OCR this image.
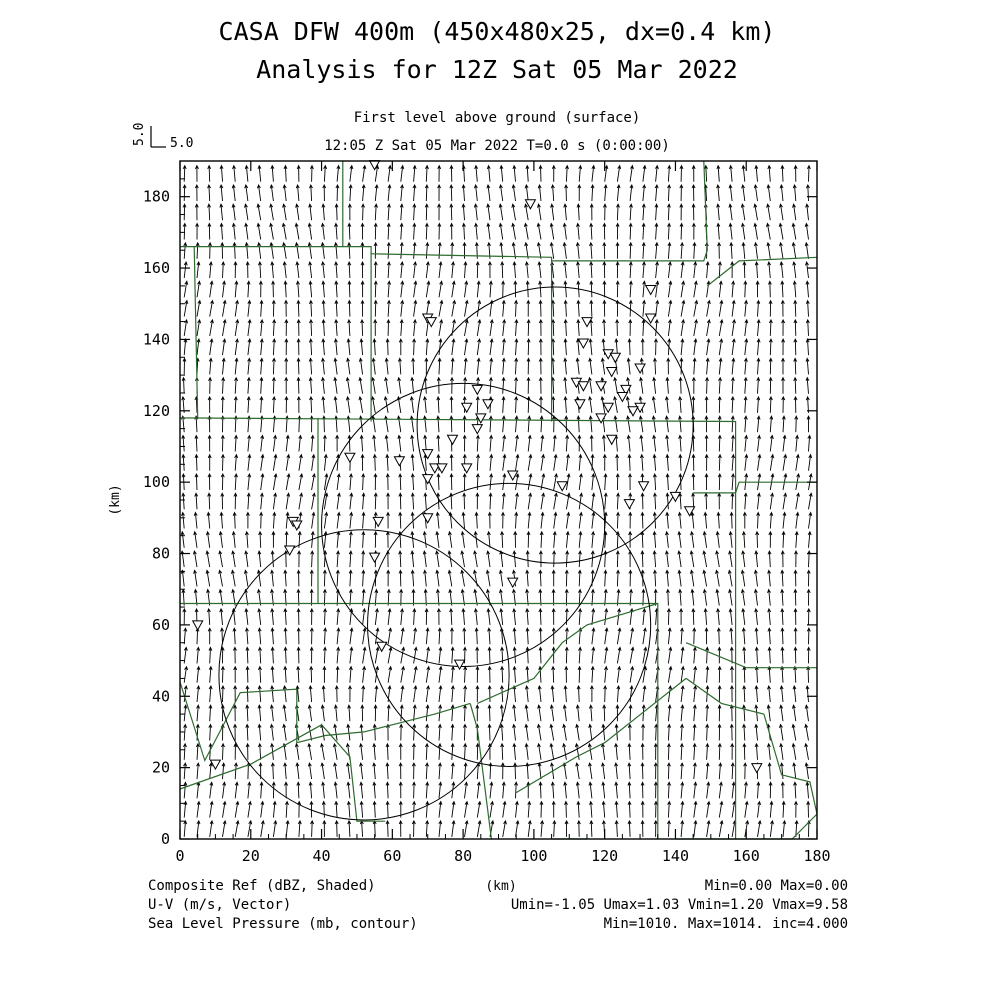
CASA DFW 400m (450x480x25, dx=0.4 km)
Analysis for 12Z Sat 05 Mar 2022
First level above ground (surface)
12:05 Z Sat 05 Mar 2022 T=0.0 s (0:00:00)
5.0 5.0
0	20	40	60	80	100	120	140	160	180
0
20
40
60
80
100
120
140
160
180
(km)
(km)
Composite Ref (dBZ, Shaded)
U-V (m/s, Vector)
Sea Level Pressure (mb, contour)
Min=0.00 Max=0.00
Umin=-1.05 Umax=1.03 Vmin=1.20 Vmax=9.58
Min=1010. Max=1014. inc=4.000
